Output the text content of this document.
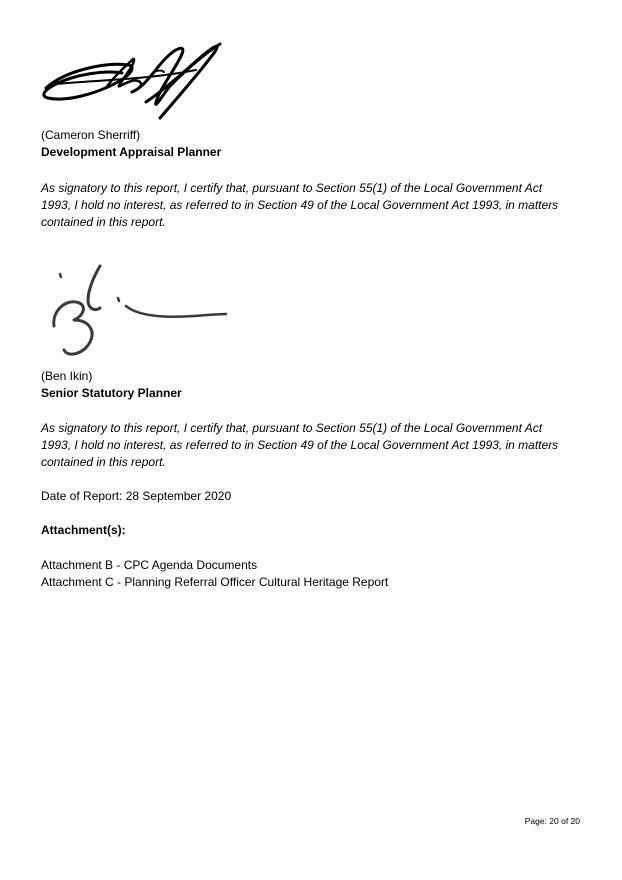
(Cameron Sherriff)
Development Appraisal Planner
As signatory to this report, I certify that, pursuant to Section 55(1) of the Local Government Act
1993, I hold no interest, as referred to in Section 49 of the Local Government Act 1993, in matters
contained in this report.
(Ben Ikin)
Senior Statutory Planner
As signatory to this report, I certify that, pursuant to Section 55(1) of the Local Government Act
1993, I hold no interest, as referred to in Section 49 of the Local Government Act 1993, in matters
contained in this report.
Date of Report: 28 September 2020
Attachment(s):
Attachment B - CPC Agenda Documents
Attachment C - Planning Referral Officer Cultural Heritage Report
Page: 20 of 20
